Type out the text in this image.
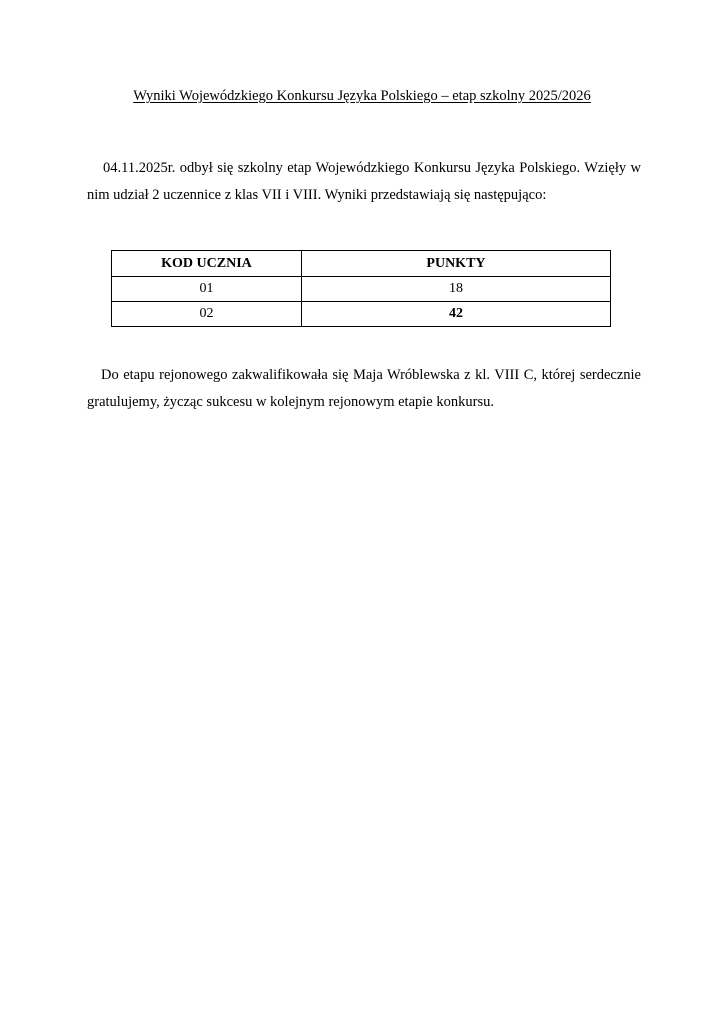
Wyniki Wojewódzkiego Konkursu Języka Polskiego – etap szkolny 2025/2026
04.11.2025r. odbył się szkolny etap Wojewódzkiego Konkursu Języka Polskiego. Wzięły w nim udział 2 uczennice z klas VII i VIII. Wyniki przedstawiają się następująco:
KOD UCZNIA	PUNKTY
01	18
02	42
Do etapu rejonowego zakwalifikowała się Maja Wróblewska z kl. VIII C, której serdecznie gratulujemy, życząc sukcesu w kolejnym rejonowym etapie konkursu.
